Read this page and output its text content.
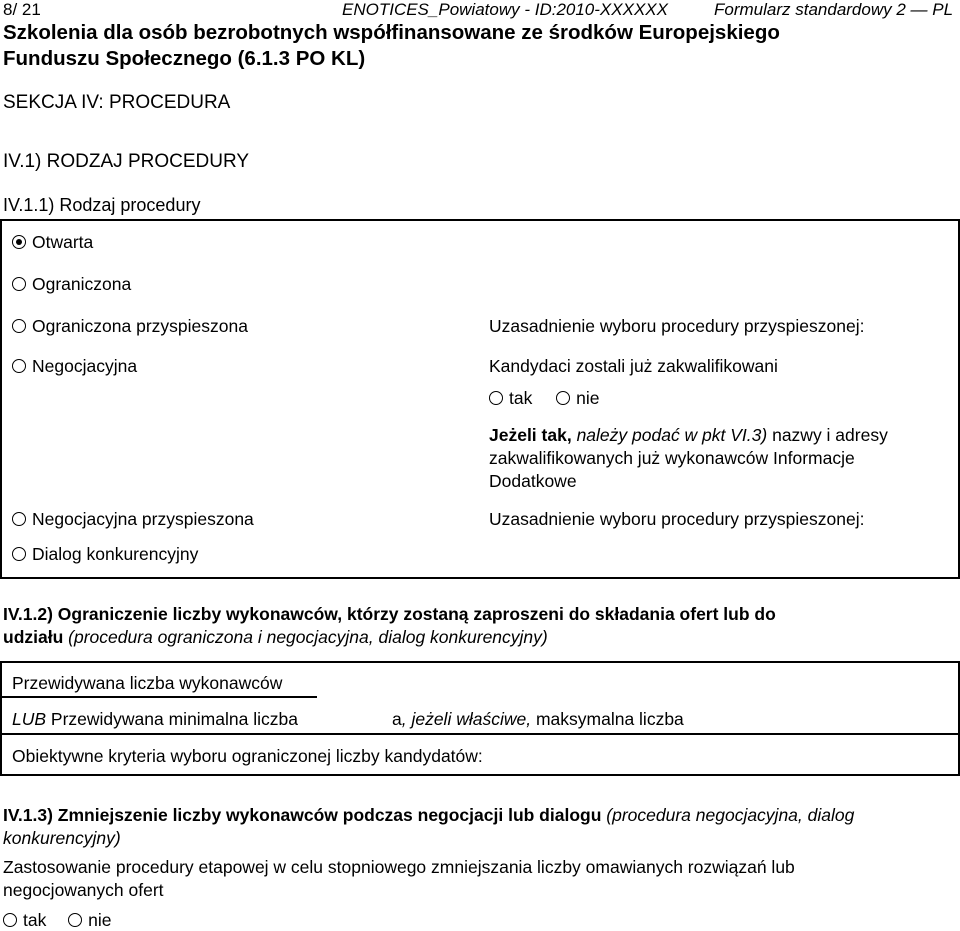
8/ 21	ENOTICES_Powiatowy - ID:2010-XXXXXX	Formularz standardowy 2 — PL
Szkolenia dla osób bezrobotnych współfinansowane ze środków Europejskiego
Funduszu Społecznego (6.1.3 PO KL)
SEKCJA IV: PROCEDURA
IV.1) RODZAJ PROCEDURY
IV.1.1) Rodzaj procedury
Otwarta
Ograniczona
Ograniczona przyspieszona	Uzasadnienie wyboru procedury przyspieszonej:
Negocjacyjna	Kandydaci zostali już zakwalifikowani
tak	nie
Jeżeli tak, należy podać w pkt VI.3) nazwy i adresy
zakwalifikowanych już wykonawców Informacje
Dodatkowe
Negocjacyjna przyspieszona	Uzasadnienie wyboru procedury przyspieszonej:
Dialog konkurencyjny
IV.1.2) Ograniczenie liczby wykonawców, którzy zostaną zaproszeni do składania ofert lub do
udziału (procedura ograniczona i negocjacyjna, dialog konkurencyjny)
Przewidywana liczba wykonawców
LUB Przewidywana minimalna liczba	a, jeżeli właściwe, maksymalna liczba
Obiektywne kryteria wyboru ograniczonej liczby kandydatów:
IV.1.3) Zmniejszenie liczby wykonawców podczas negocjacji lub dialogu (procedura negocjacyjna, dialog
konkurencyjny)
Zastosowanie procedury etapowej w celu stopniowego zmniejszania liczby omawianych rozwiązań lub
negocjowanych ofert
tak nie
